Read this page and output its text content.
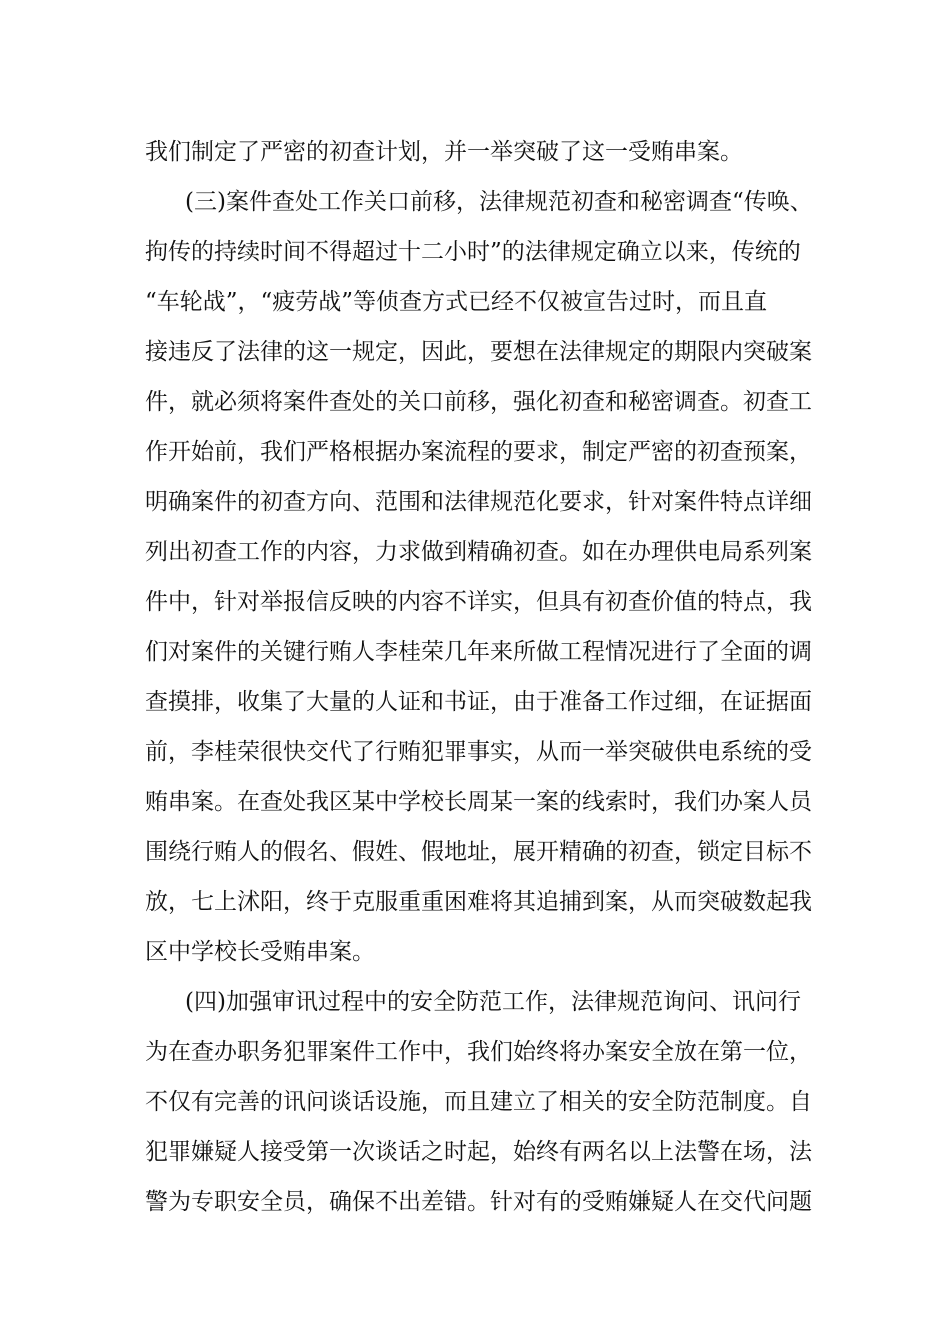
我们制定了严密的初查计划，并一举突破了这一受贿串案。
(三)案件查处工作关口前移，法律规范初查和秘密调查“传唤、
拘传的持续时间不得超过十二小时”的法律规定确立以来，传统的
“车轮战”，“疲劳战”等侦查方式已经不仅被宣告过时，而且直
接违反了法律的这一规定，因此，要想在法律规定的期限内突破案
件，就必须将案件查处的关口前移，强化初查和秘密调查。初查工
作开始前，我们严格根据办案流程的要求，制定严密的初查预案，
明确案件的初查方向、范围和法律规范化要求，针对案件特点详细
列出初查工作的内容，力求做到精确初查。如在办理供电局系列案
件中，针对举报信反映的内容不详实，但具有初查价值的特点，我
们对案件的关键行贿人李桂荣几年来所做工程情况进行了全面的调
查摸排，收集了大量的人证和书证，由于准备工作过细，在证据面
前，李桂荣很快交代了行贿犯罪事实，从而一举突破供电系统的受
贿串案。在查处我区某中学校长周某一案的线索时，我们办案人员
围绕行贿人的假名、假姓、假地址，展开精确的初查，锁定目标不
放，七上沭阳，终于克服重重困难将其追捕到案，从而突破数起我
区中学校长受贿串案。
(四)加强审讯过程中的安全防范工作，法律规范询问、讯问行
为在查办职务犯罪案件工作中，我们始终将办案安全放在第一位，
不仅有完善的讯问谈话设施，而且建立了相关的安全防范制度。自
犯罪嫌疑人接受第一次谈话之时起，始终有两名以上法警在场，法
警为专职安全员，确保不出差错。针对有的受贿嫌疑人在交代问题
